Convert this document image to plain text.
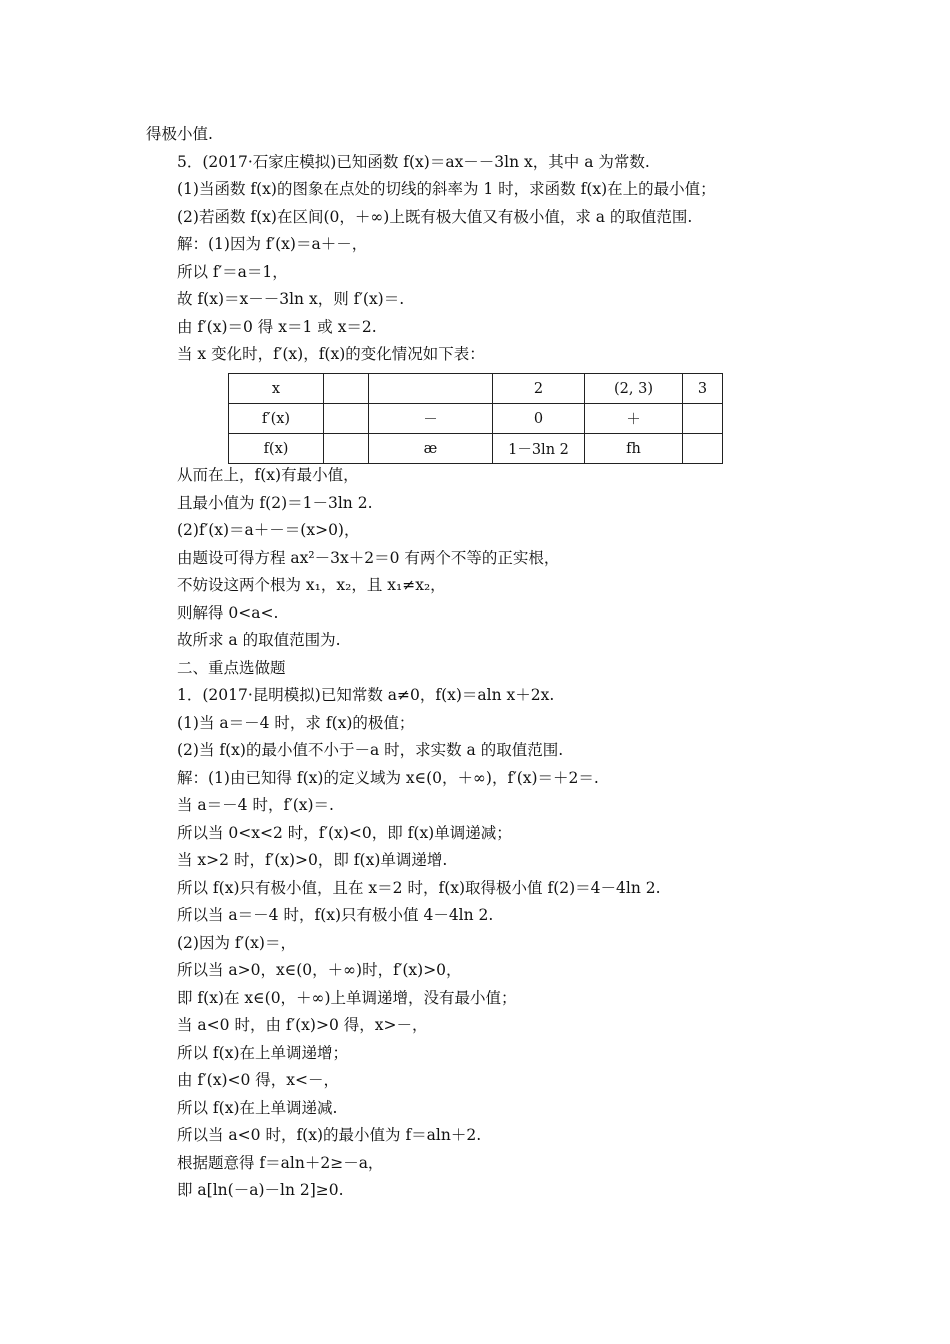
得极小值.
5．(2017·石家庄模拟)已知函数 f(x)＝ax－－3ln x，其中 a 为常数.
(1)当函数 f(x)的图象在点处的切线的斜率为 1 时，求函数 f(x)在上的最小值；
(2)若函数 f(x)在区间(0，＋∞)上既有极大值又有极小值，求 a 的取值范围.
解：(1)因为 f′(x)＝a＋－，
所以 f′＝a＝1，
故 f(x)＝x－－3ln x，则 f′(x)＝.
由 f′(x)＝0 得 x＝1 或 x＝2.
当 x 变化时，f′(x)，f(x)的变化情况如下表：
x			2	(2, 3)	3
f′(x)		－	0	＋	
f(x)		æ	1－3ln 2	fh	
从而在上，f(x)有最小值，
且最小值为 f(2)＝1－3ln 2.
(2)f′(x)＝a＋－＝(x>0)，
由题设可得方程 ax²－3x＋2＝0 有两个不等的正实根，
不妨设这两个根为 x₁，x₂，且 x₁≠x₂，
则解得 0<a<.
故所求 a 的取值范围为.
二、重点选做题
1．(2017·昆明模拟)已知常数 a≠0，f(x)＝aln x＋2x.
(1)当 a＝－4 时，求 f(x)的极值；
(2)当 f(x)的最小值不小于－a 时，求实数 a 的取值范围.
解：(1)由已知得 f(x)的定义域为 x∈(0，＋∞)，f′(x)＝＋2＝.
当 a＝－4 时，f′(x)＝.
所以当 0<x<2 时，f′(x)<0，即 f(x)单调递减；
当 x>2 时，f′(x)>0，即 f(x)单调递增.
所以 f(x)只有极小值，且在 x＝2 时，f(x)取得极小值 f(2)＝4－4ln 2.
所以当 a＝－4 时，f(x)只有极小值 4－4ln 2.
(2)因为 f′(x)＝，
所以当 a>0，x∈(0，＋∞)时，f′(x)>0，
即 f(x)在 x∈(0，＋∞)上单调递增，没有最小值；
当 a<0 时，由 f′(x)>0 得，x>－，
所以 f(x)在上单调递增；
由 f′(x)<0 得，x<－，
所以 f(x)在上单调递减.
所以当 a<0 时，f(x)的最小值为 f＝aln＋2.
根据题意得 f＝aln＋2≥－a，
即 a[ln(－a)－ln 2]≥0.
